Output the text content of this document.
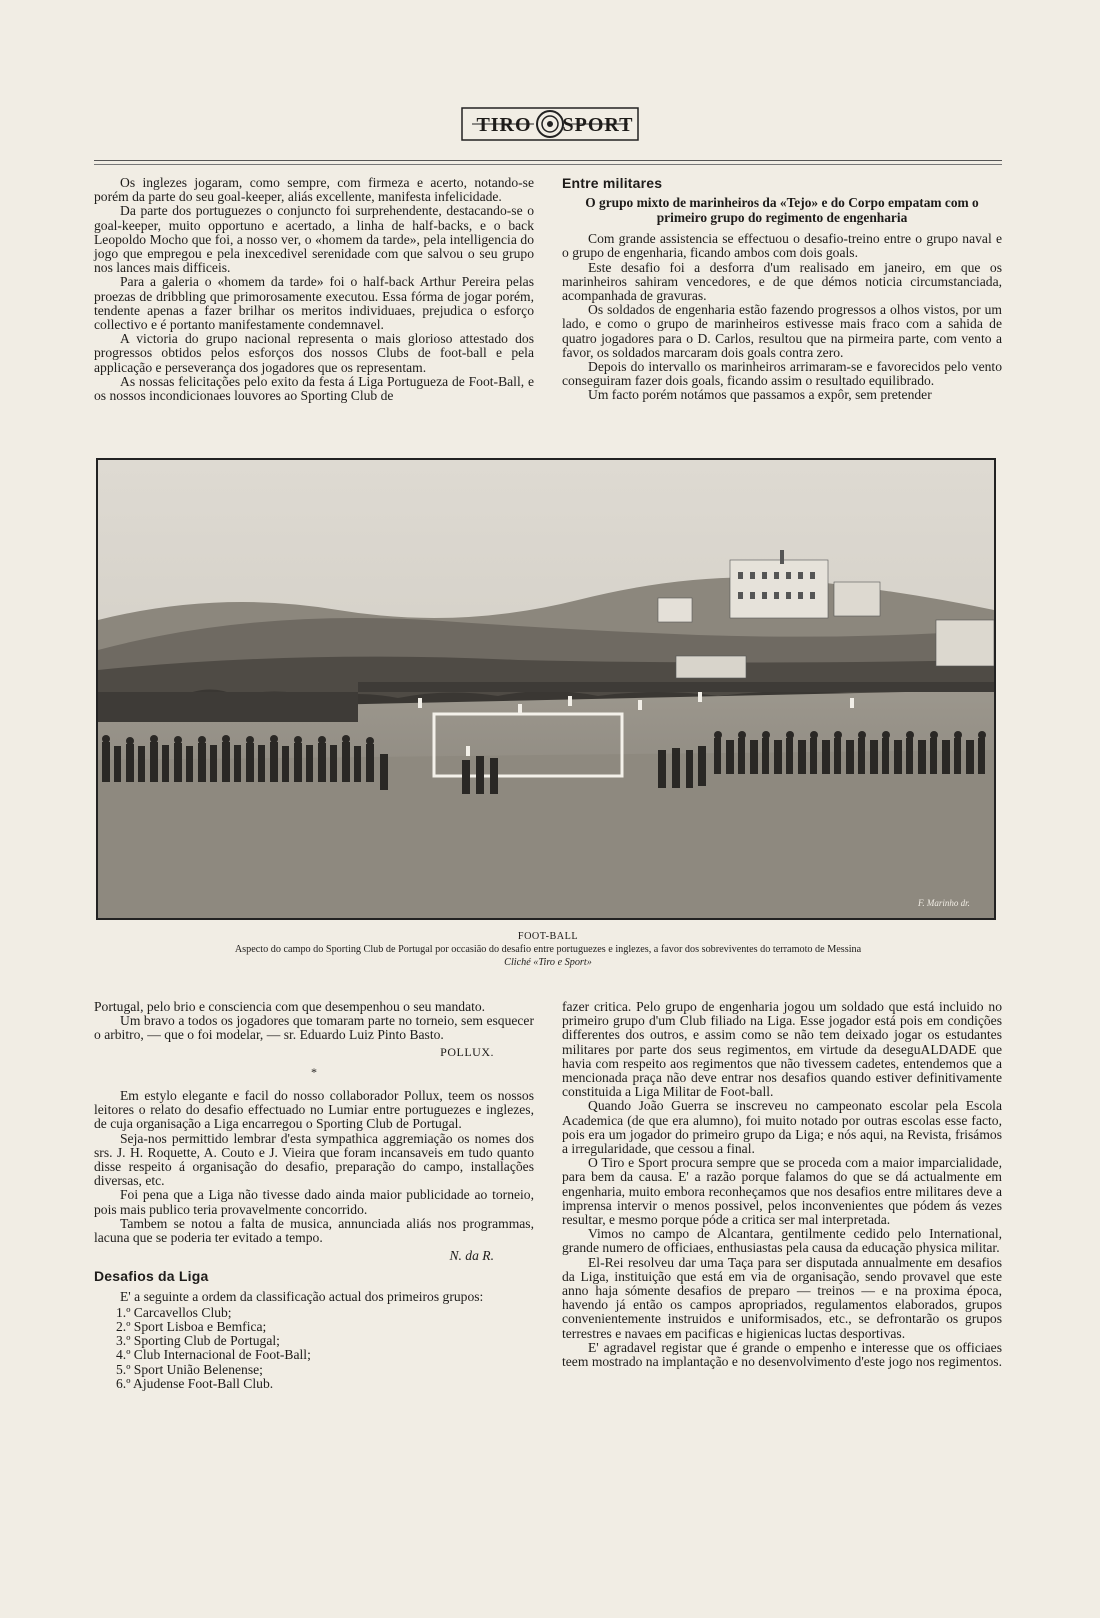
TIRO SPORT

Os inglezes jogaram, como sempre, com firmeza e acerto, notando-se porém da parte do seu goal-keeper, aliás excellente, manifesta infelicidade.

Da parte dos portuguezes o conjuncto foi surprehendente, destacando-se o goal-keeper, muito opportuno e acertado, a linha de half-backs, e o back Leopoldo Mocho que foi, a nosso ver, o «homem da tarde», pela intelligencia do jogo que empregou e pela inexcedivel serenidade com que salvou o seu grupo nos lances mais difficeis.

Para a galeria o «homem da tarde» foi o half-back Arthur Pereira pelas proezas de dribbling que primorosamente executou. Essa fórma de jogar porém, tendente apenas a fazer brilhar os meritos individuaes, prejudica o esforço collectivo e é portanto manifestamente condemnavel.

A victoria do grupo nacional representa o mais glorioso attestado dos progressos obtidos pelos esforços dos nossos Clubs de foot-ball e pela applicação e perseverança dos jogadores que os representam.

As nossas felicitações pelo exito da festa á Liga Portugueza de Foot-Ball, e os nossos incondicionaes louvores ao Sporting Club de

Entre militares
O grupo mixto de marinheiros da «Tejo» e do Corpo empatam com o primeiro grupo do regimento de engenharia

Com grande assistencia se effectuou o desafio-treino entre o grupo naval e o grupo de engenharia, ficando ambos com dois goals.

Este desafio foi a desforra d'um realisado em janeiro, em que os marinheiros sahiram vencedores, e de que démos noticia circumstanciada, acompanhada de gravuras.

Os soldados de engenharia estão fazendo progressos a olhos vistos, por um lado, e como o grupo de marinheiros estivesse mais fraco com a sahida de quatro jogadores para o D. Carlos, resultou que na pirmeira parte, com vento a favor, os soldados marcaram dois goals contra zero.

Depois do intervallo os marinheiros arrimaram-se e favorecidos pelo vento conseguiram fazer dois goals, ficando assim o resultado equilibrado.

Um facto porém notámos que passamos a expôr, sem pretender

F. Marinho dr.
FOOT-BALL
Aspecto do campo do Sporting Club de Portugal por occasião do desafio entre portuguezes e inglezes, a favor dos sobreviventes do terramoto de Messina
Cliché «Tiro e Sport»

Portugal, pelo brio e consciencia com que desempenhou o seu mandato.

Um bravo a todos os jogadores que tomaram parte no torneio, sem esquecer o arbitro, — que o foi modelar, — sr. Eduardo Luiz Pinto Basto.

POLLUX.
*

Em estylo elegante e facil do nosso collaborador Pollux, teem os nossos leitores o relato do desafio effectuado no Lumiar entre portuguezes e inglezes, de cuja organisação a Liga encarregou o Sporting Club de Portugal.

Seja-nos permittido lembrar d'esta sympathica aggremiação os nomes dos srs. J. H. Roquette, A. Couto e J. Vieira que foram incansaveis em tudo quanto disse respeito á organisação do desafio, preparação do campo, installações diversas, etc.

Foi pena que a Liga não tivesse dado ainda maior publicidade ao torneio, pois mais publico teria provavelmente concorrido.

Tambem se notou a falta de musica, annunciada aliás nos programmas, lacuna que se poderia ter evitado a tempo.

N. da R.
Desafios da Liga

E' a seguinte a ordem da classificação actual dos primeiros grupos:

1.º Carcavellos Club;
2.º Sport Lisboa e Bemfica;
3.º Sporting Club de Portugal;
4.º Club Internacional de Foot-Ball;
5.º Sport União Belenense;
6.º Ajudense Foot-Ball Club.

fazer critica. Pelo grupo de engenharia jogou um soldado que está incluido no primeiro grupo d'um Club filiado na Liga. Esse jogador está pois em condições differentes dos outros, e assim como se não tem deixado jogar os estudantes militares por parte dos seus regimentos, em virtude da deseguALDADE que havia com respeito aos regimentos que não tivessem cadetes, entendemos que a mencionada praça não deve entrar nos desafios quando estiver definitivamente constituida a Liga Militar de Foot-ball.

Quando João Guerra se inscreveu no campeonato escolar pela Escola Academica (de que era alumno), foi muito notado por outras escolas esse facto, pois era um jogador do primeiro grupo da Liga; e nós aqui, na Revista, frisámos a irregularidade, que cessou a final.

O Tiro e Sport procura sempre que se proceda com a maior imparcialidade, para bem da causa. E' a razão porque falamos do que se dá actualmente em engenharia, muito embora reconheçamos que nos desafios entre militares deve a imprensa intervir o menos possivel, pelos inconvenientes que pódem ás vezes resultar, e mesmo porque póde a critica ser mal interpretada.

Vimos no campo de Alcantara, gentilmente cedido pelo International, grande numero de officiaes, enthusiastas pela causa da educação physica militar.

El-Rei resolveu dar uma Taça para ser disputada annualmente em desafios da Liga, instituição que está em via de organisação, sendo provavel que este anno haja sómente desafios de preparo — treinos — e na proxima época, havendo já então os campos apropriados, regulamentos elaborados, grupos convenientemente instruidos e uniformisados, etc., se defrontarão os grupos terrestres e navaes em pacificas e higienicas luctas desportivas.

E' agradavel registar que é grande o empenho e interesse que os officiaes teem mostrado na implantação e no desenvolvimento d'este jogo nos regimentos.
